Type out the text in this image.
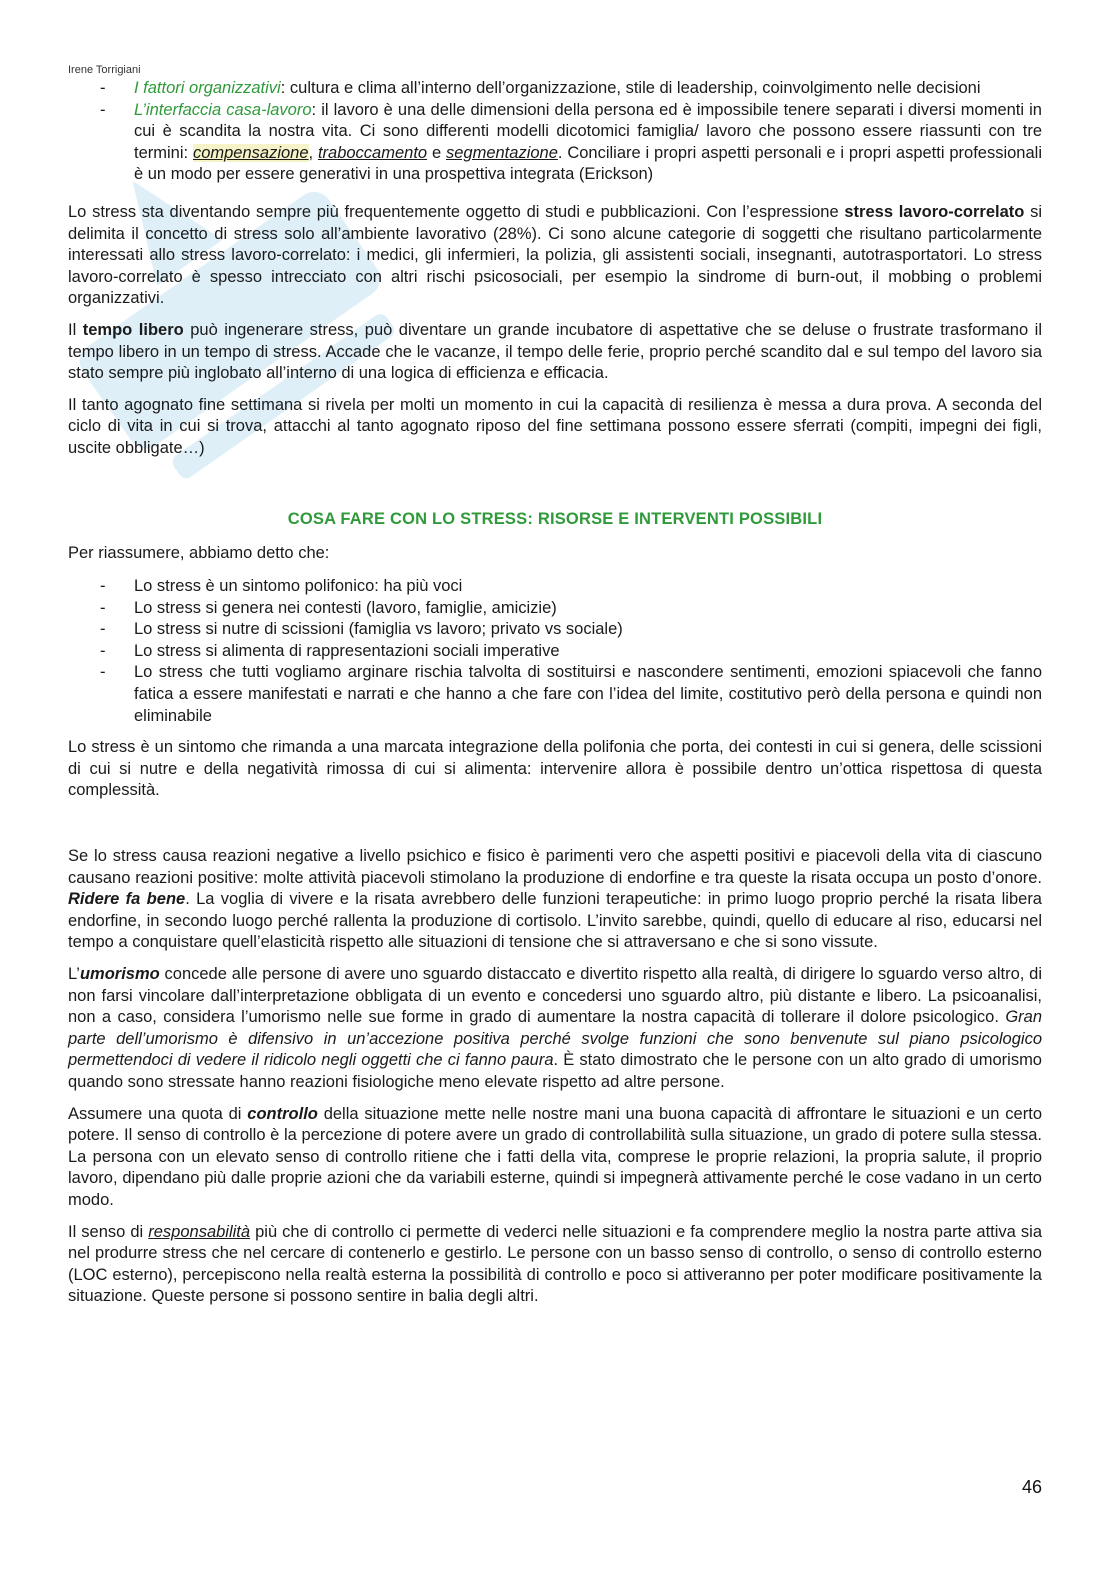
Irene Torrigiani
- I fattori organizzativi: cultura e clima all’interno dell’organizzazione, stile di leadership, coinvolgimento nelle decisioni
- L’interfaccia casa-lavoro: il lavoro è una delle dimensioni della persona ed è impossibile tenere separati i diversi momenti in cui è scandita la nostra vita. Ci sono differenti modelli dicotomici famiglia/ lavoro che possono essere riassunti con tre termini: compensazione, traboccamento e segmentazione. Conciliare i propri aspetti personali e i propri aspetti professionali è un modo per essere generativi in una prospettiva integrata (Erickson)

Lo stress sta diventando sempre più frequentemente oggetto di studi e pubblicazioni. Con l’espressione stress lavoro-correlato si delimita il concetto di stress solo all’ambiente lavorativo (28%). Ci sono alcune categorie di soggetti che risultano particolarmente interessati allo stress lavoro-correlato: i medici, gli infermieri, la polizia, gli assistenti sociali, insegnanti, autotrasportatori. Lo stress lavoro-correlato è spesso intrecciato con altri rischi psicosociali, per esempio la sindrome di burn-out, il mobbing o problemi organizzativi.

Il tempo libero può ingenerare stress, può diventare un grande incubatore di aspettative che se deluse o frustrate trasformano il tempo libero in un tempo di stress. Accade che le vacanze, il tempo delle ferie, proprio perché scandito dal e sul tempo del lavoro sia stato sempre più inglobato all’interno di una logica di efficienza e efficacia.

Il tanto agognato fine settimana si rivela per molti un momento in cui la capacità di resilienza è messa a dura prova. A seconda del ciclo di vita in cui si trova, attacchi al tanto agognato riposo del fine settimana possono essere sferrati (compiti, impegni dei figli, uscite obbligate…)

COSA FARE CON LO STRESS: RISORSE E INTERVENTI POSSIBILI

Per riassumere, abbiamo detto che:

- Lo stress è un sintomo polifonico: ha più voci
- Lo stress si genera nei contesti (lavoro, famiglie, amicizie)
- Lo stress si nutre di scissioni (famiglia vs lavoro; privato vs sociale)
- Lo stress si alimenta di rappresentazioni sociali imperative
- Lo stress che tutti vogliamo arginare rischia talvolta di sostituirsi e nascondere sentimenti, emozioni spiacevoli che fanno fatica a essere manifestati e narrati e che hanno a che fare con l’idea del limite, costitutivo però della persona e quindi non eliminabile

Lo stress è un sintomo che rimanda a una marcata integrazione della polifonia che porta, dei contesti in cui si genera, delle scissioni di cui si nutre e della negatività rimossa di cui si alimenta: intervenire allora è possibile dentro un’ottica rispettosa di questa complessità.

Se lo stress causa reazioni negative a livello psichico e fisico è parimenti vero che aspetti positivi e piacevoli della vita di ciascuno causano reazioni positive: molte attività piacevoli stimolano la produzione di endorfine e tra queste la risata occupa un posto d’onore. Ridere fa bene. La voglia di vivere e la risata avrebbero delle funzioni terapeutiche: in primo luogo proprio perché la risata libera endorfine, in secondo luogo perché rallenta la produzione di cortisolo. L’invito sarebbe, quindi, quello di educare al riso, educarsi nel tempo a conquistare quell’elasticità rispetto alle situazioni di tensione che si attraversano e che si sono vissute.

L’umorismo concede alle persone di avere uno sguardo distaccato e divertito rispetto alla realtà, di dirigere lo sguardo verso altro, di non farsi vincolare dall’interpretazione obbligata di un evento e concedersi uno sguardo altro, più distante e libero. La psicoanalisi, non a caso, considera l’umorismo nelle sue forme in grado di aumentare la nostra capacità di tollerare il dolore psicologico. Gran parte dell’umorismo è difensivo in un’accezione positiva perché svolge funzioni che sono benvenute sul piano psicologico permettendoci di vedere il ridicolo negli oggetti che ci fanno paura. È stato dimostrato che le persone con un alto grado di umorismo quando sono stressate hanno reazioni fisiologiche meno elevate rispetto ad altre persone.

Assumere una quota di controllo della situazione mette nelle nostre mani una buona capacità di affrontare le situazioni e un certo potere. Il senso di controllo è la percezione di potere avere un grado di controllabilità sulla situazione, un grado di potere sulla stessa. La persona con un elevato senso di controllo ritiene che i fatti della vita, comprese le proprie relazioni, la propria salute, il proprio lavoro, dipendano più dalle proprie azioni che da variabili esterne, quindi si impegnerà attivamente perché le cose vadano in un certo modo.

Il senso di responsabilità più che di controllo ci permette di vederci nelle situazioni e fa comprendere meglio la nostra parte attiva sia nel produrre stress che nel cercare di contenerlo e gestirlo. Le persone con un basso senso di controllo, o senso di controllo esterno (LOC esterno), percepiscono nella realtà esterna la possibilità di controllo e poco si attiveranno per poter modificare positivamente la situazione. Queste persone si possono sentire in balia degli altri.

46
